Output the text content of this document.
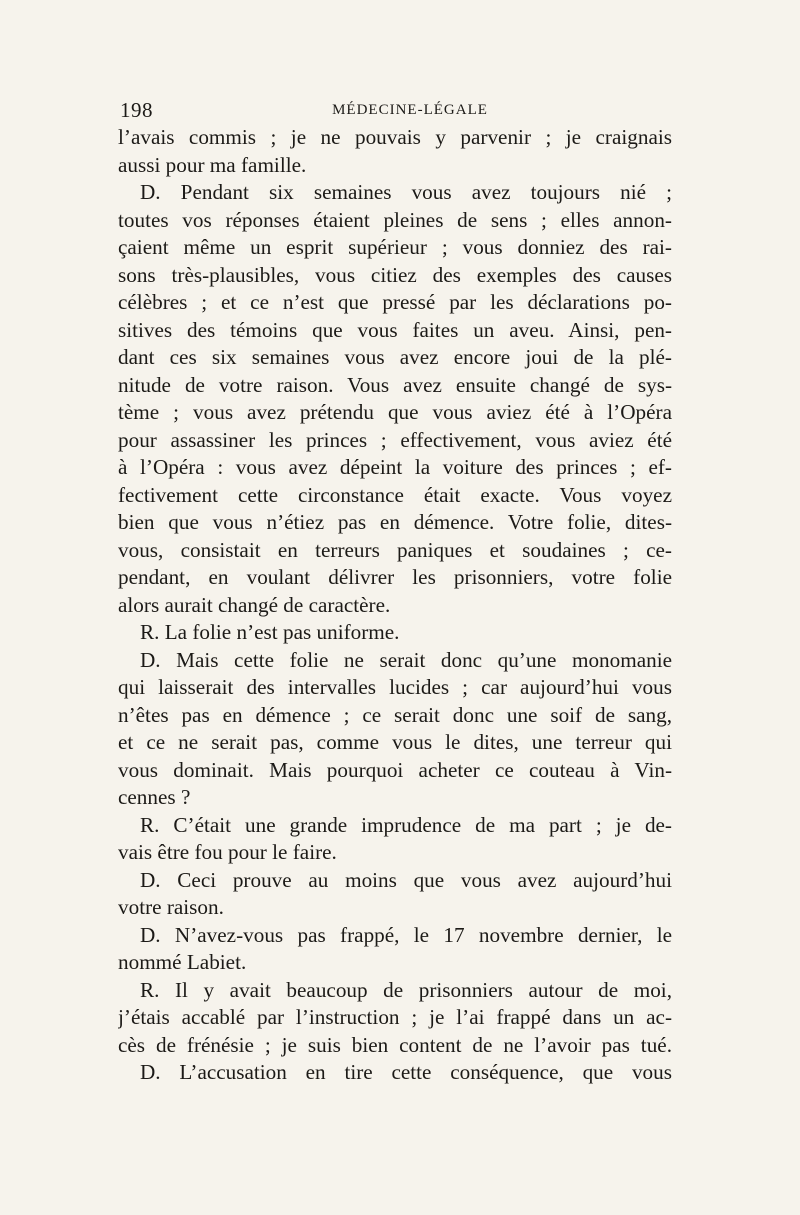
198	MÉDECINE-LÉGALE
l’avais commis ; je ne pouvais y parvenir ; je craignais
aussi pour ma famille.
D. Pendant six semaines vous avez toujours nié ;
toutes vos réponses étaient pleines de sens ; elles annon-
çaient même un esprit supérieur ; vous donniez des rai-
sons très-plausibles, vous citiez des exemples des causes
célèbres ; et ce n’est que pressé par les déclarations po-
sitives des témoins que vous faites un aveu. Ainsi, pen-
dant ces six semaines vous avez encore joui de la plé-
nitude de votre raison. Vous avez ensuite changé de sys-
tème ; vous avez prétendu que vous aviez été à l’Opéra
pour assassiner les princes ; effectivement, vous aviez été
à l’Opéra : vous avez dépeint la voiture des princes ; ef-
fectivement cette circonstance était exacte. Vous voyez
bien que vous n’étiez pas en démence. Votre folie, dites-
vous, consistait en terreurs paniques et soudaines ; ce-
pendant, en voulant délivrer les prisonniers, votre folie
alors aurait changé de caractère.
R. La folie n’est pas uniforme.
D. Mais cette folie ne serait donc qu’une monomanie
qui laisserait des intervalles lucides ; car aujourd’hui vous
n’êtes pas en démence ; ce serait donc une soif de sang,
et ce ne serait pas, comme vous le dites, une terreur qui
vous dominait. Mais pourquoi acheter ce couteau à Vin-
cennes ?
R. C’était une grande imprudence de ma part ; je de-
vais être fou pour le faire.
D. Ceci prouve au moins que vous avez aujourd’hui
votre raison.
D. N’avez-vous pas frappé, le 17 novembre dernier, le
nommé Labiet.
R. Il y avait beaucoup de prisonniers autour de moi,
j’étais accablé par l’instruction ; je l’ai frappé dans un ac-
cès de frénésie ; je suis bien content de ne l’avoir pas tué.
D. L’accusation en tire cette conséquence, que vous
